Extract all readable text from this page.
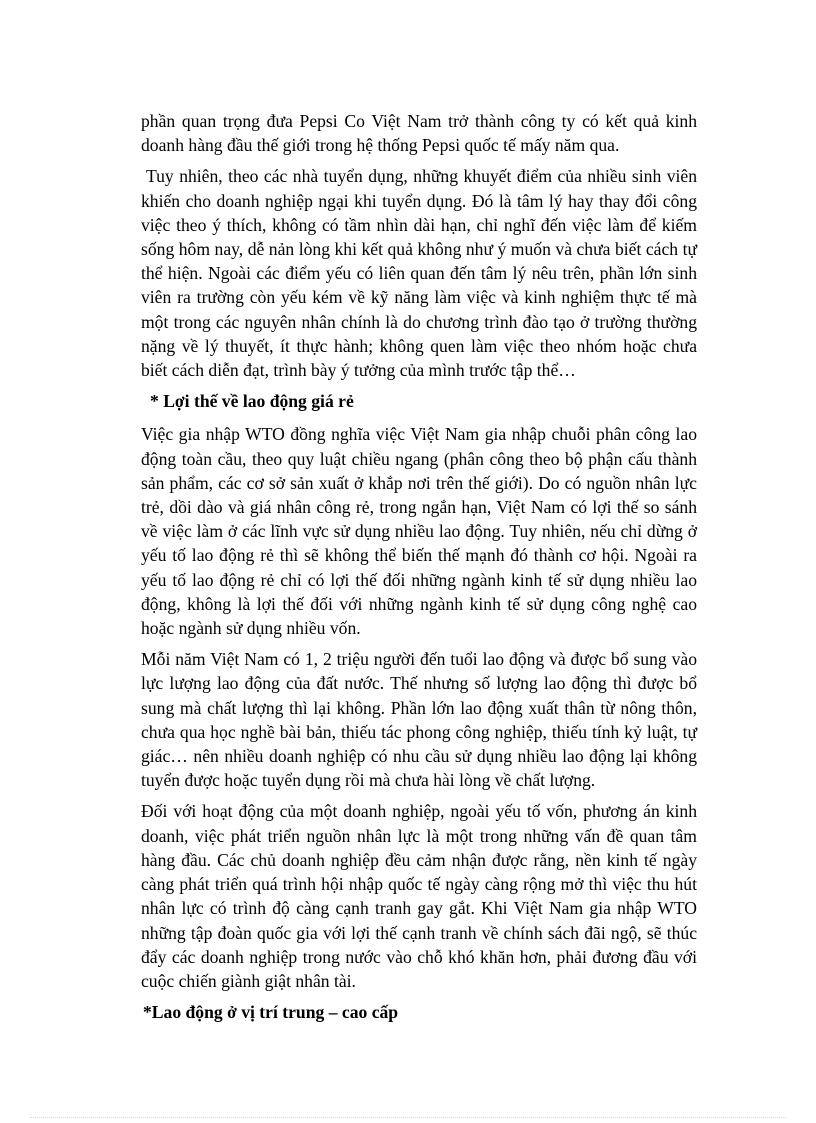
phần quan trọng đưa Pepsi Co Việt Nam trở thành công ty có kết quả kinh doanh hàng đầu thế giới trong hệ thống Pepsi quốc tế mấy năm qua.

Tuy nhiên, theo các nhà tuyển dụng, những khuyết điểm của nhiều sinh viên khiến cho doanh nghiệp ngại khi tuyển dụng. Đó là tâm lý hay thay đổi công việc theo ý thích, không có tầm nhìn dài hạn, chỉ nghĩ đến việc làm để kiếm sống hôm nay, dễ nản lòng khi kết quả không như ý muốn và chưa biết cách tự thể hiện. Ngoài các điểm yếu có liên quan đến tâm lý nêu trên, phần lớn sinh viên ra trường còn yếu kém về kỹ năng làm việc và kinh nghiệm thực tế mà một trong các nguyên nhân chính là do chương trình đào tạo ở trường thường nặng về lý thuyết, ít thực hành; không quen làm việc theo nhóm hoặc chưa biết cách diễn đạt, trình bày ý tưởng của mình trước tập thể…

* Lợi thế về lao động giá rẻ

Việc gia nhập WTO đồng nghĩa việc Việt Nam gia nhập chuỗi phân công lao động toàn cầu, theo quy luật chiều ngang (phân công theo bộ phận cấu thành sản phẩm, các cơ sở sản xuất ở khắp nơi trên thế giới). Do có nguồn nhân lực trẻ, dồi dào và giá nhân công rẻ, trong ngắn hạn, Việt Nam có lợi thế so sánh về việc làm ở các lĩnh vực sử dụng nhiều lao động. Tuy nhiên, nếu chỉ dừng ở yếu tố lao động rẻ thì sẽ không thể biến thế mạnh đó thành cơ hội. Ngoài ra yếu tố lao động rẻ chỉ có lợi thế đối những ngành kinh tế sử dụng nhiều lao động, không là lợi thế đối với những ngành kinh tế sử dụng công nghệ cao hoặc ngành sử dụng nhiều vốn.

Mỗi năm Việt Nam có 1, 2 triệu người đến tuổi lao động và được bổ sung vào lực lượng lao động của đất nước. Thế nhưng số lượng lao động thì được bổ sung mà chất lượng thì lại không. Phần lớn lao động xuất thân từ nông thôn, chưa qua học nghề bài bản, thiếu tác phong công nghiệp, thiếu tính kỷ luật, tự giác… nên nhiều doanh nghiệp có nhu cầu sử dụng nhiều lao động lại không tuyển được hoặc tuyển dụng rồi mà chưa hài lòng về chất lượng.

Đối với hoạt động của một doanh nghiệp, ngoài yếu tố vốn, phương án kinh doanh, việc phát triển nguồn nhân lực là một trong những vấn đề quan tâm hàng đầu. Các chủ doanh nghiệp đều cảm nhận được rằng, nền kinh tế ngày càng phát triển quá trình hội nhập quốc tế ngày càng rộng mở thì việc thu hút nhân lực có trình độ càng cạnh tranh gay gắt. Khi Việt Nam gia nhập WTO những tập đoàn quốc gia với lợi thế cạnh tranh về chính sách đãi ngộ, sẽ thúc đẩy các doanh nghiệp trong nước vào chỗ khó khăn hơn, phải đương đầu với cuộc chiến giành giật nhân tài.

*Lao động ở vị trí trung – cao cấp
